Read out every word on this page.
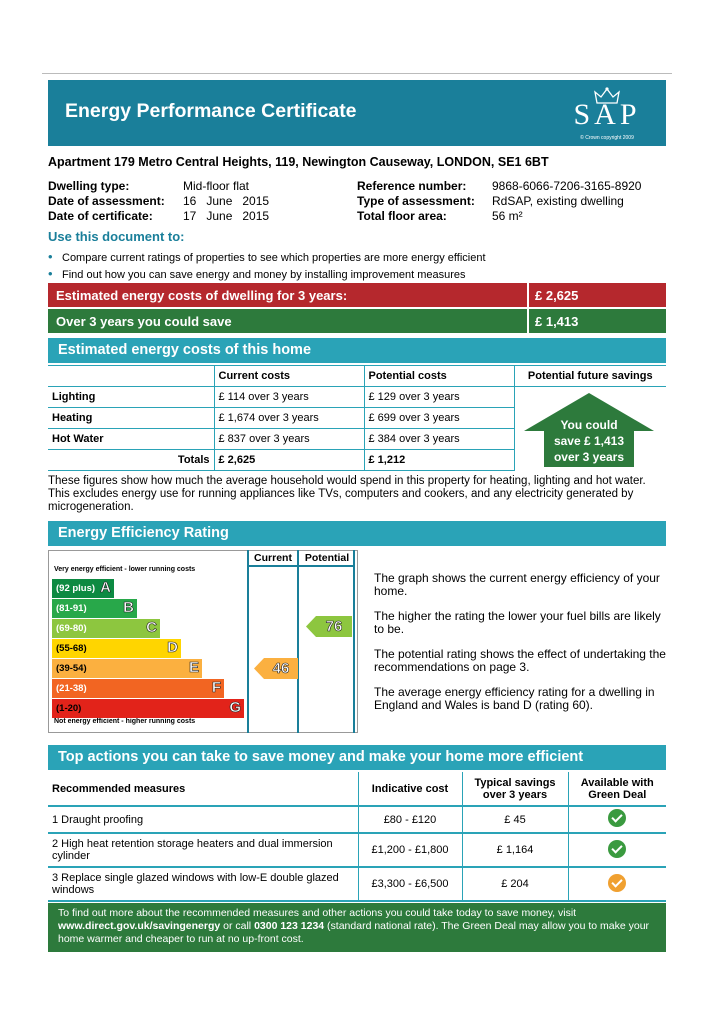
Energy Performance Certificate	SAP
© Crown copyright 2009
Apartment 179 Metro Central Heights, 119, Newington Causeway, LONDON, SE1 6BT
Dwelling type:	Mid-floor flat
Date of assessment: 16   June   2015
Date of certificate:	17   June   2015
Reference number: 9868-6066-7206-3165-8920
Type of assessment: RdSAP, existing dwelling
Total floor area:	56 m²
Use this document to:
• Compare current ratings of properties to see which properties are more energy efficient
• Find out how you can save energy and money by installing improvement measures
Estimated energy costs of dwelling for 3 years:	£ 2,625
Over 3 years you could save	£ 1,413
Estimated energy costs of this home
	Current costs	Potential costs	Potential future savings
Lighting	£ 114 over 3 years	£ 129 over 3 years	
Heating	£ 1,674 over 3 years	£ 699 over 3 years	
Hot Water	£ 837 over 3 years	£ 384 over 3 years	
Totals	£ 2,625	£ 1,212	
You could
save £ 1,413
over 3 years
These figures show how much the average household would spend in this property for heating, lighting and hot water. This excludes energy use for running appliances like TVs, computers and cookers, and any electricity generated by microgeneration.
Energy Efficiency Rating
Current	Potential
Very energy efficient - lower running costs
Not energy efficient - higher running costs
(92 plus) A
(81-91) B
(69-80)	C
(55-68)	D
(39-54)	E
(21-38)	F
(1-20)	G
46
76

The graph shows the current energy efficiency of your home.

The higher the rating the lower your fuel bills are likely to be.

The potential rating shows the effect of undertaking the recommendations on page 3.

The average energy efficiency rating for a dwelling in England and Wales is band D (rating 60).

Top actions you can take to save money and make your home more efficient
Recommended measures	Indicative cost	Typical savings over 3 years	Available with Green Deal
1 Draught proofing	£80 - £120	£ 45	
2 High heat retention storage heaters and dual immersion cylinder	£1,200 - £1,800	£ 1,164	
3 Replace single glazed windows with low-E double glazed windows	£3,300 - £6,500	£ 204	
To find out more about the recommended measures and other actions you could take today to save money, visit
www.direct.gov.uk/savingenergy or call 0300 123 1234 (standard national rate). The Green Deal may allow you to make your home warmer and cheaper to run at no up-front cost.
